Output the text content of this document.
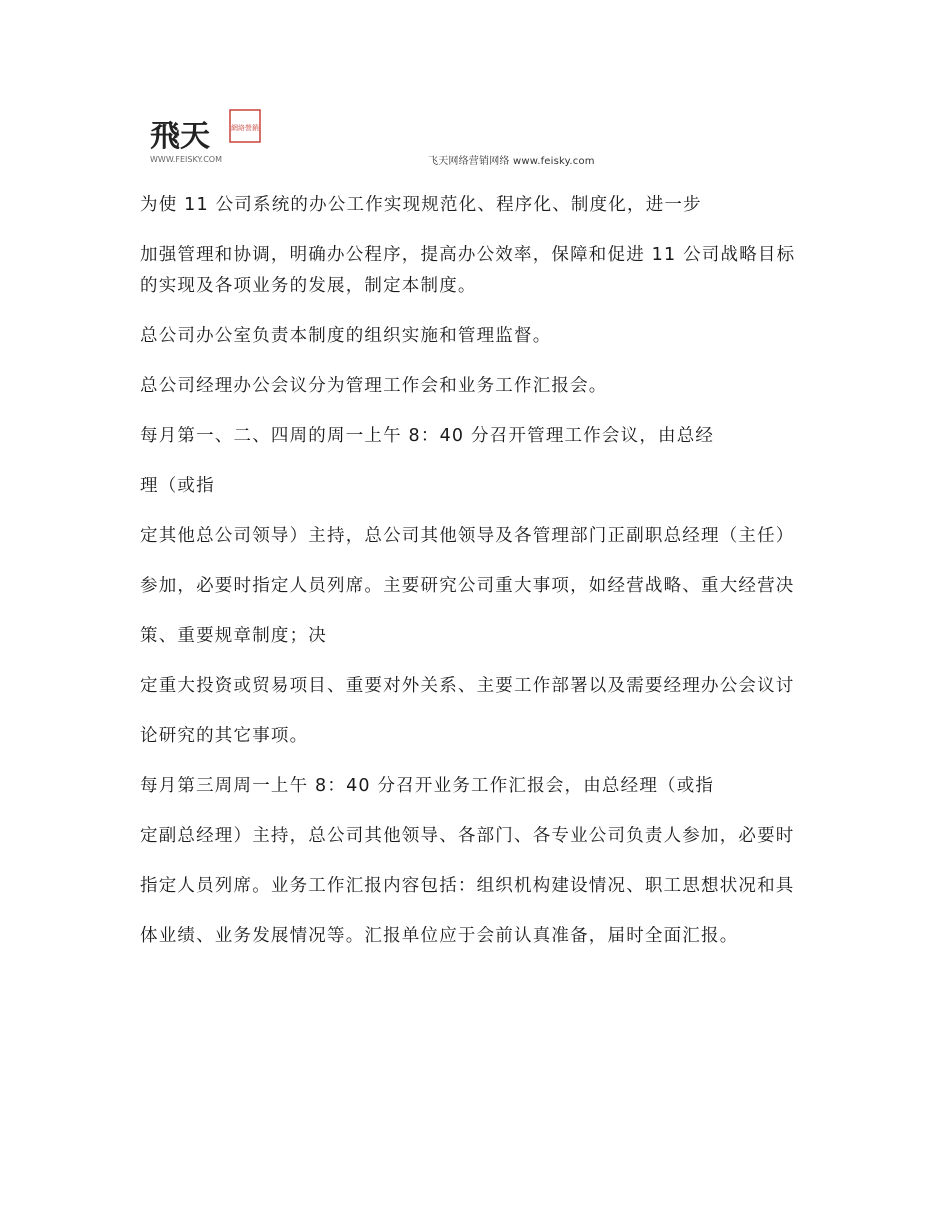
飛天	網絡營銷
WWW.FEISKY.COM	飞天网络营销网络 www.feisky.com

为使 11 公司系统的办公工作实现规范化、程序化、制度化，进一步

加强管理和协调，明确办公程序，提高办公效率，保障和促进 11 公司战略目标的实现及各项业务的发展，制定本制度。

总公司办公室负责本制度的组织实施和管理监督。

总公司经理办公会议分为管理工作会和业务工作汇报会。

每月第一、二、四周的周一上午 8：40 分召开管理工作会议，由总经

理（或指

定其他总公司领导）主持，总公司其他领导及各管理部门正副职总经理（主任）

参加，必要时指定人员列席。主要研究公司重大事项，如经营战略、重大经营决

策、重要规章制度；决

定重大投资或贸易项目、重要对外关系、主要工作部署以及需要经理办公会议讨

论研究的其它事项。

每月第三周周一上午 8：40 分召开业务工作汇报会，由总经理（或指

定副总经理）主持，总公司其他领导、各部门、各专业公司负责人参加，必要时

指定人员列席。业务工作汇报内容包括：组织机构建设情况、职工思想状况和具

体业绩、业务发展情况等。汇报单位应于会前认真准备，届时全面汇报。
